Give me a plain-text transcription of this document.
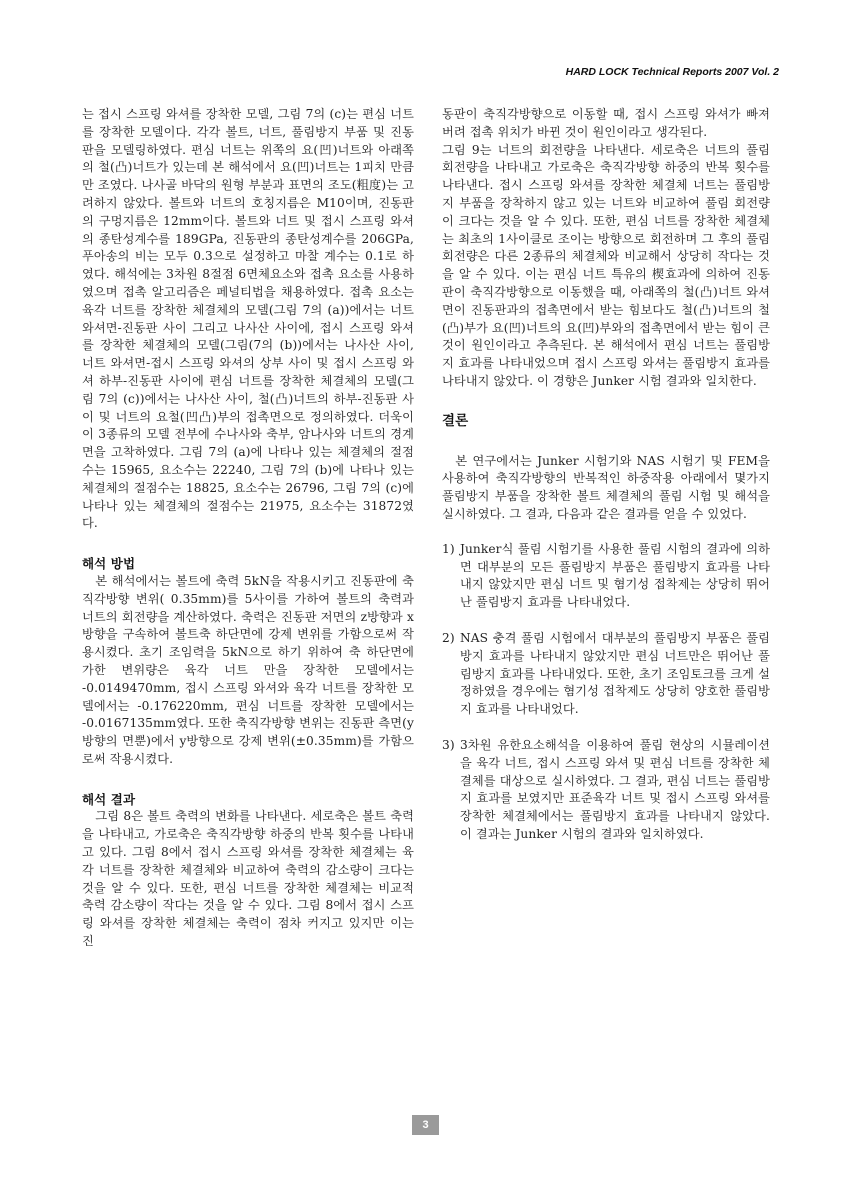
HARD LOCK Technical Reports 2007 Vol. 2

는 접시 스프링 와셔를 장착한 모델, 그림 7의 (c)는 편심 너트를 장착한 모델이다. 각각 볼트, 너트, 풀림방지 부품 및 진동판을 모델링하였다. 편심 너트는 위쪽의 요(凹)너트와 아래쪽의 철(凸)너트가 있는데 본 해석에서 요(凹)너트는 1피치 만큼만 조였다. 나사골 바닥의 원형 부분과 표면의 조도(粗度)는 고려하지 않았다. 볼트와 너트의 호칭지름은 M10이며, 진동판의 구멍지름은 12mm이다. 볼트와 너트 및 접시 스프링 와셔의 종탄성계수를 189GPa, 진동판의 종탄성계수를 206GPa, 푸아송의 비는 모두 0.3으로 설정하고 마찰 계수는 0.1로 하였다. 해석에는 3차원 8절점 6면체요소와 접촉 요소를 사용하였으며 접촉 알고리즘은 페널티법을 채용하였다. 접촉 요소는 육각 너트를 장착한 체결체의 모델(그림 7의 (a))에서는 너트 와셔면-진동판 사이 그리고 나사산 사이에, 접시 스프링 와셔를 장착한 체결체의 모델(그림(7의 (b))에서는 나사산 사이, 너트 와셔면-접시 스프링 와셔의 상부 사이 및 접시 스프링 와셔 하부-진동판 사이에 편심 너트를 장착한 체결체의 모델(그림 7의 (c))에서는 나사산 사이, 철(凸)너트의 하부-진동판 사이 및 너트의 요철(凹凸)부의 접촉면으로 정의하였다. 더욱이 이 3종류의 모델 전부에 수나사와 축부, 암나사와 너트의 경계면을 고착하였다. 그림 7의 (a)에 나타나 있는 체결체의 절점수는 15965, 요소수는 22240, 그림 7의 (b)에 나타나 있는 체결체의 절점수는 18825, 요소수는 26796, 그림 7의 (c)에 나타나 있는 체결체의 절점수는 21975, 요소수는 31872였다.

해석 방법

본 해석에서는 볼트에 축력 5kN을 작용시키고 진동판에 축직각방향 변위( 0.35mm)를 5사이를 가하여 볼트의 축력과 너트의 회전량을 계산하였다. 축력은 진동판 저면의 z방향과 x방향을 구속하여 볼트축 하단면에 강제 변위를 가함으로써 작용시켰다. 초기 조임력을 5kN으로 하기 위하여 축 하단면에 가한 변위량은 육각 너트 만을 장착한 모델에서는 -0.0149470mm, 접시 스프링 와셔와 육각 너트를 장착한 모델에서는 -0.176220mm, 편심 너트를 장착한 모델에서는 -0.0167135mm였다. 또한 축직각방향 변위는 진동판 측면(y방향의 면뿐)에서 y방향으로 강제 변위(±0.35mm)를 가함으로써 작용시켰다.

해석 결과

그림 8은 볼트 축력의 변화를 나타낸다. 세로축은 볼트 축력을 나타내고, 가로축은 축직각방향 하중의 반복 횟수를 나타내고 있다. 그림 8에서 접시 스프링 와셔를 장착한 체결체는 육각 너트를 장착한 체결체와 비교하여 축력의 감소량이 크다는 것을 알 수 있다. 또한, 편심 너트를 장착한 체결체는 비교적 축력 감소량이 작다는 것을 알 수 있다. 그림 8에서 접시 스프링 와셔를 장착한 체결체는 축력이 점차 커지고 있지만 이는 진

동판이 축직각방향으로 이동할 때, 접시 스프링 와셔가 빠져버려 접촉 위치가 바뀐 것이 원인이라고 생각된다.

그림 9는 너트의 회전량을 나타낸다. 세로축은 너트의 풀림 회전량을 나타내고 가로축은 축직각방향 하중의 반복 횟수를 나타낸다. 접시 스프링 와셔를 장착한 체결체 너트는 풀림방지 부품을 장착하지 않고 있는 너트와 비교하여 풀림 회전량이 크다는 것을 알 수 있다. 또한, 편심 너트를 장착한 체결체는 최초의 1사이클로 조이는 방향으로 회전하며 그 후의 풀림 회전량은 다른 2종류의 체결체와 비교해서 상당히 작다는 것을 알 수 있다. 이는 편심 너트 특유의 楔효과에 의하여 진동판이 축직각방향으로 이동했을 때, 아래쪽의 철(凸)너트 와셔면이 진동판과의 접촉면에서 받는 힘보다도 철(凸)너트의 철(凸)부가 요(凹)너트의 요(凹)부와의 접촉면에서 받는 힘이 큰 것이 원인이라고 추측된다. 본 해석에서 편심 너트는 풀림방지 효과를 나타내었으며 접시 스프링 와셔는 풀림방지 효과를 나타내지 않았다. 이 경향은 Junker 시험 결과와 일치한다.

결론

본 연구에서는 Junker 시험기와 NAS 시험기 및 FEM을 사용하여 축직각방향의 반복적인 하중작용 아래에서 몇가지 풀림방지 부품을 장착한 볼트 체결체의 풀림 시험 및 해석을 실시하였다. 그 결과, 다음과 같은 결과를 얻을 수 있었다.

1) Junker식 풀림 시험기를 사용한 풀림 시험의 결과에 의하면 대부분의 모든 풀림방지 부품은 풀림방지 효과를 나타내지 않았지만 편심 너트 및 혐기성 접착제는 상당히 뛰어난 풀림방지 효과를 나타내었다.
2) NAS 충격 풀림 시험에서 대부분의 풀림방지 부품은 풀림방지 효과를 나타내지 않았지만 편심 너트만은 뛰어난 풀림방지 효과를 나타내었다. 또한, 초기 조임토크를 크게 설정하였을 경우에는 혐기성 접착제도 상당히 양호한 풀림방지 효과를 나타내었다.
3) 3차원 유한요소해석을 이용하여 풀림 현상의 시뮬레이션을 육각 너트, 접시 스프링 와셔 및 편심 너트를 장착한 체결체를 대상으로 실시하였다. 그 결과, 편심 너트는 풀림방지 효과를 보였지만 표준육각 너트 및 접시 스프링 와셔를 장착한 체결체에서는 풀림방지 효과를 나타내지 않았다. 이 결과는 Junker 시험의 결과와 일치하였다.
3
